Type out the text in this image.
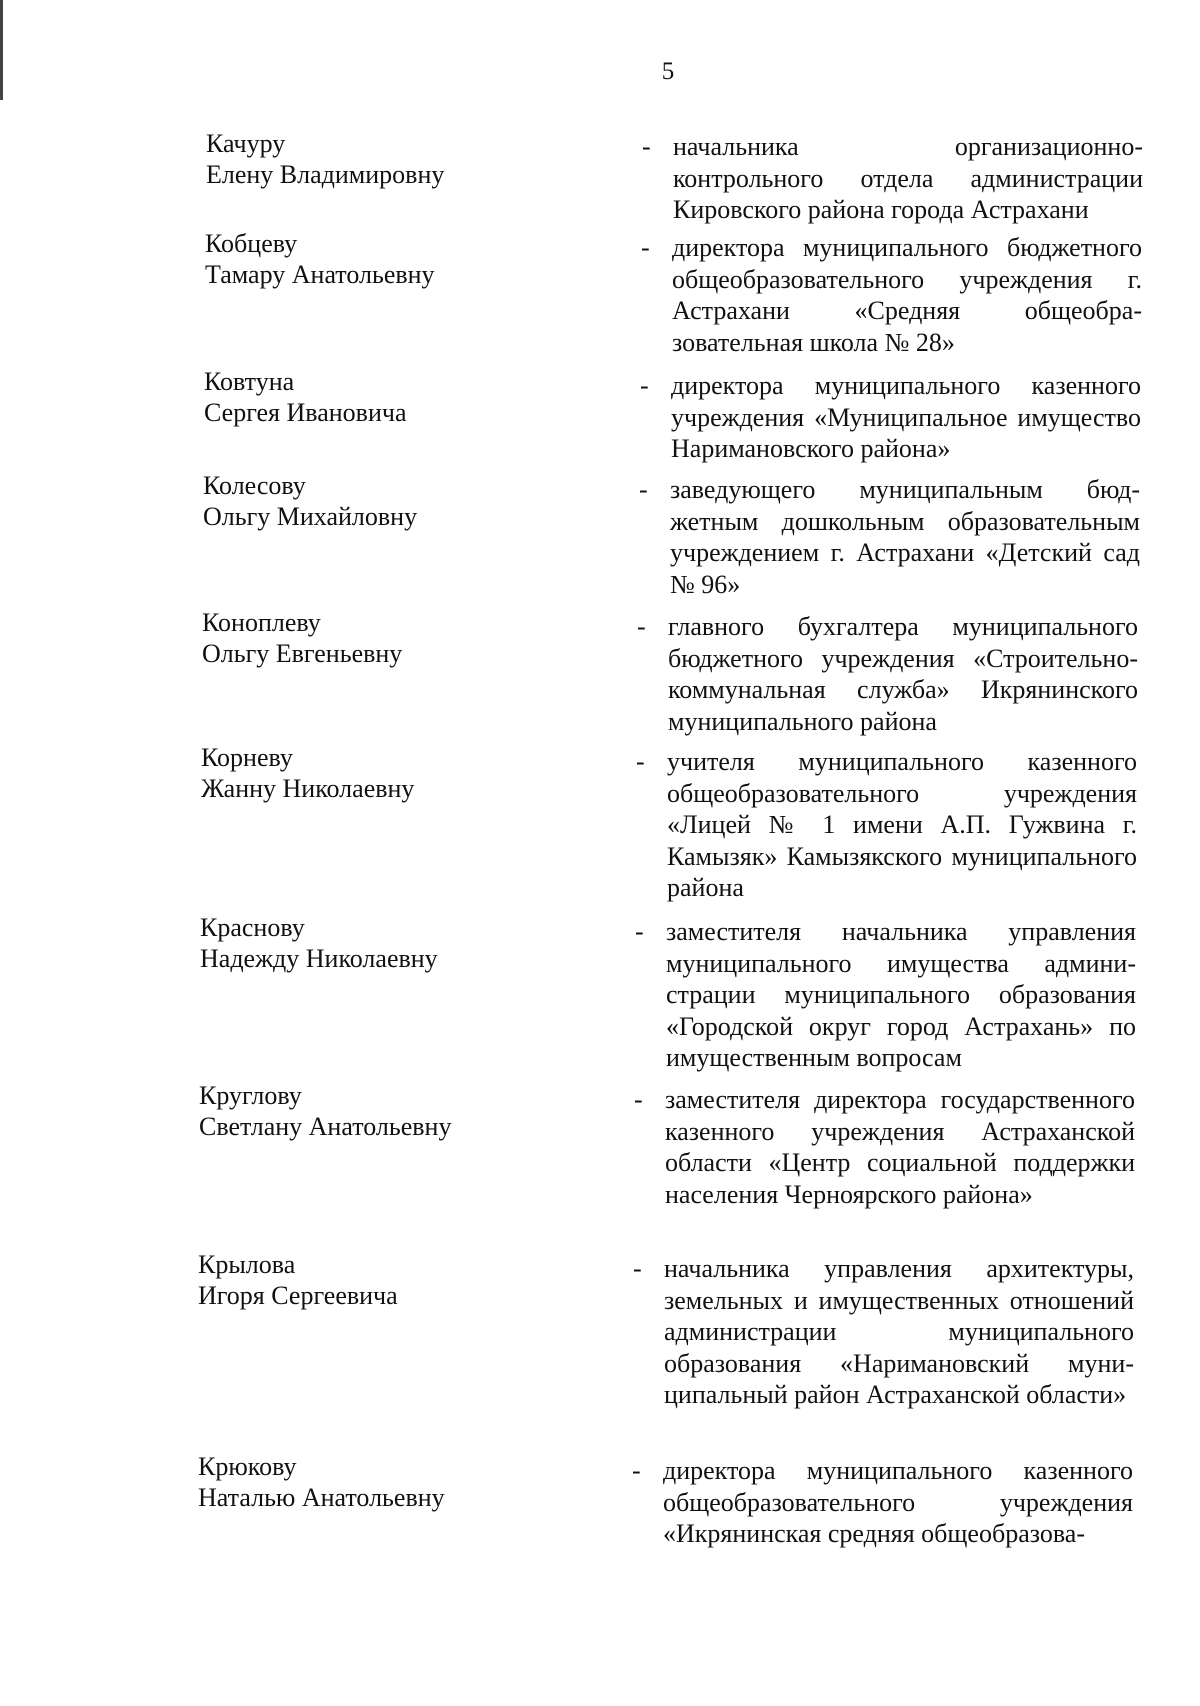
5
Качуру
Елену Владимировну
- начальника организационно-контрольного отдела администрации Кировского района города Астрахани
Кобцеву
Тамару Анатольевну
- директора муниципального бюджетного общеобразовательного учреждения г. Астрахани «Средняя общеобразовательная школа № 28»
Ковтуна
Сергея Ивановича
- директора муниципального казенного учреждения «Муниципальное имущество Наримановского района»
Колесову
Ольгу Михайловну
- заведующего муниципальным бюджетным дошкольным образовательным учреждением г. Астрахани «Детский сад № 96»
Коноплеву
Ольгу Евгеньевну
- главного бухгалтера муниципального бюджетного учреждения «Строительно-коммунальная служба» Икрянинского муниципального района
Корневу
Жанну Николаевну
- учителя муниципального казенного общеобразовательного учреждения «Лицей № 1 имени А.П. Гужвина г. Камызяк» Камызякского муниципального района
Краснову
Надежду Николаевну
- заместителя начальника управления муниципального имущества администрации муниципального образования «Городской округ город Астрахань» по имущественным вопросам
Круглову
Светлану Анатольевну
- заместителя директора государственного казенного учреждения Астраханской области «Центр социальной поддержки населения Черноярского района»
Крылова
Игоря Сергеевича
- начальника управления архитектуры, земельных и имущественных отношений администрации муниципального образования «Наримановский муниципальный район Астраханской области»
Крюкову
Наталью Анатольевну
- директора муниципального казенного общеобразовательного учреждения «Икрянинская средняя общеобразова-
